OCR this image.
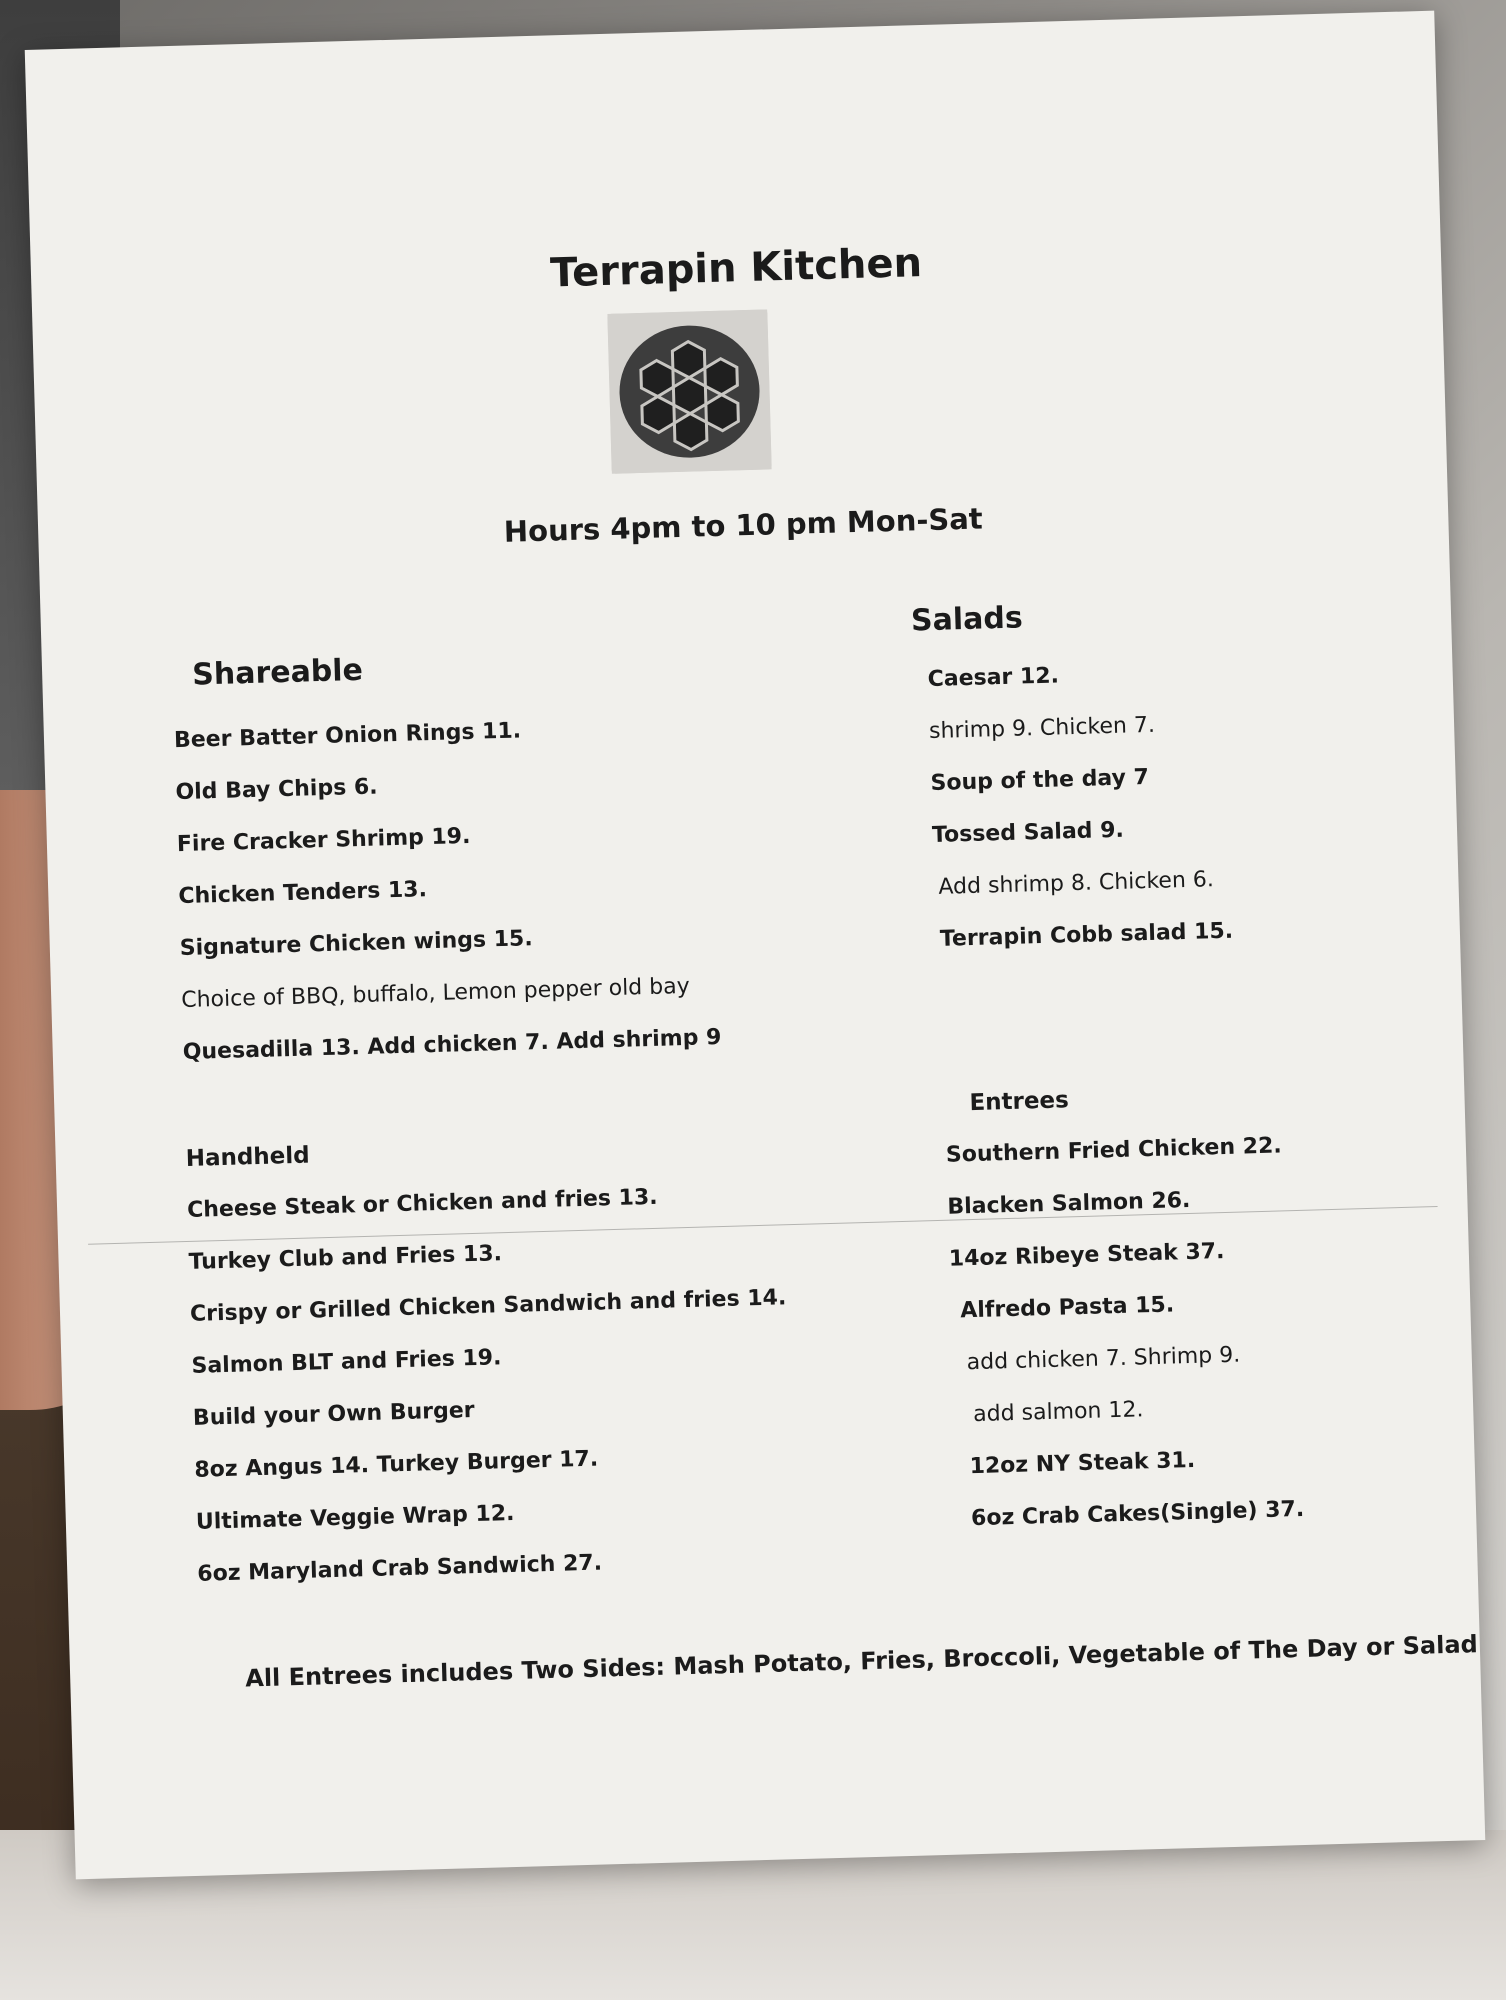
Terrapin Kitchen
Hours 4pm to 10 pm Mon-Sat
Shareable
Beer Batter Onion Rings 11.
Old Bay Chips 6.
Fire Cracker Shrimp 19.
Chicken Tenders 13.
Signature Chicken wings 15.
Choice of BBQ, buffalo, Lemon pepper old bay
Quesadilla 13. Add chicken 7. Add shrimp 9
Handheld
Cheese Steak or Chicken and fries 13.
Turkey Club and Fries 13.
Crispy or Grilled Chicken Sandwich and fries 14.
Salmon BLT and Fries 19.
Build your Own Burger
8oz Angus 14. Turkey Burger 17.
Ultimate Veggie Wrap 12.
6oz Maryland Crab Sandwich 27.
Salads
Caesar 12.
shrimp 9. Chicken 7.
Soup of the day 7
Tossed Salad 9.
Add shrimp 8. Chicken 6.
Terrapin Cobb salad 15.
Entrees
Southern Fried Chicken 22.
Blacken Salmon 26.
14oz Ribeye Steak 37.
Alfredo Pasta 15.
add chicken 7. Shrimp 9.
add salmon 12.
12oz NY Steak 31.
6oz Crab Cakes(Single) 37.
All Entrees includes Two Sides: Mash Potato, Fries, Broccoli, Vegetable of The Day or Salad
